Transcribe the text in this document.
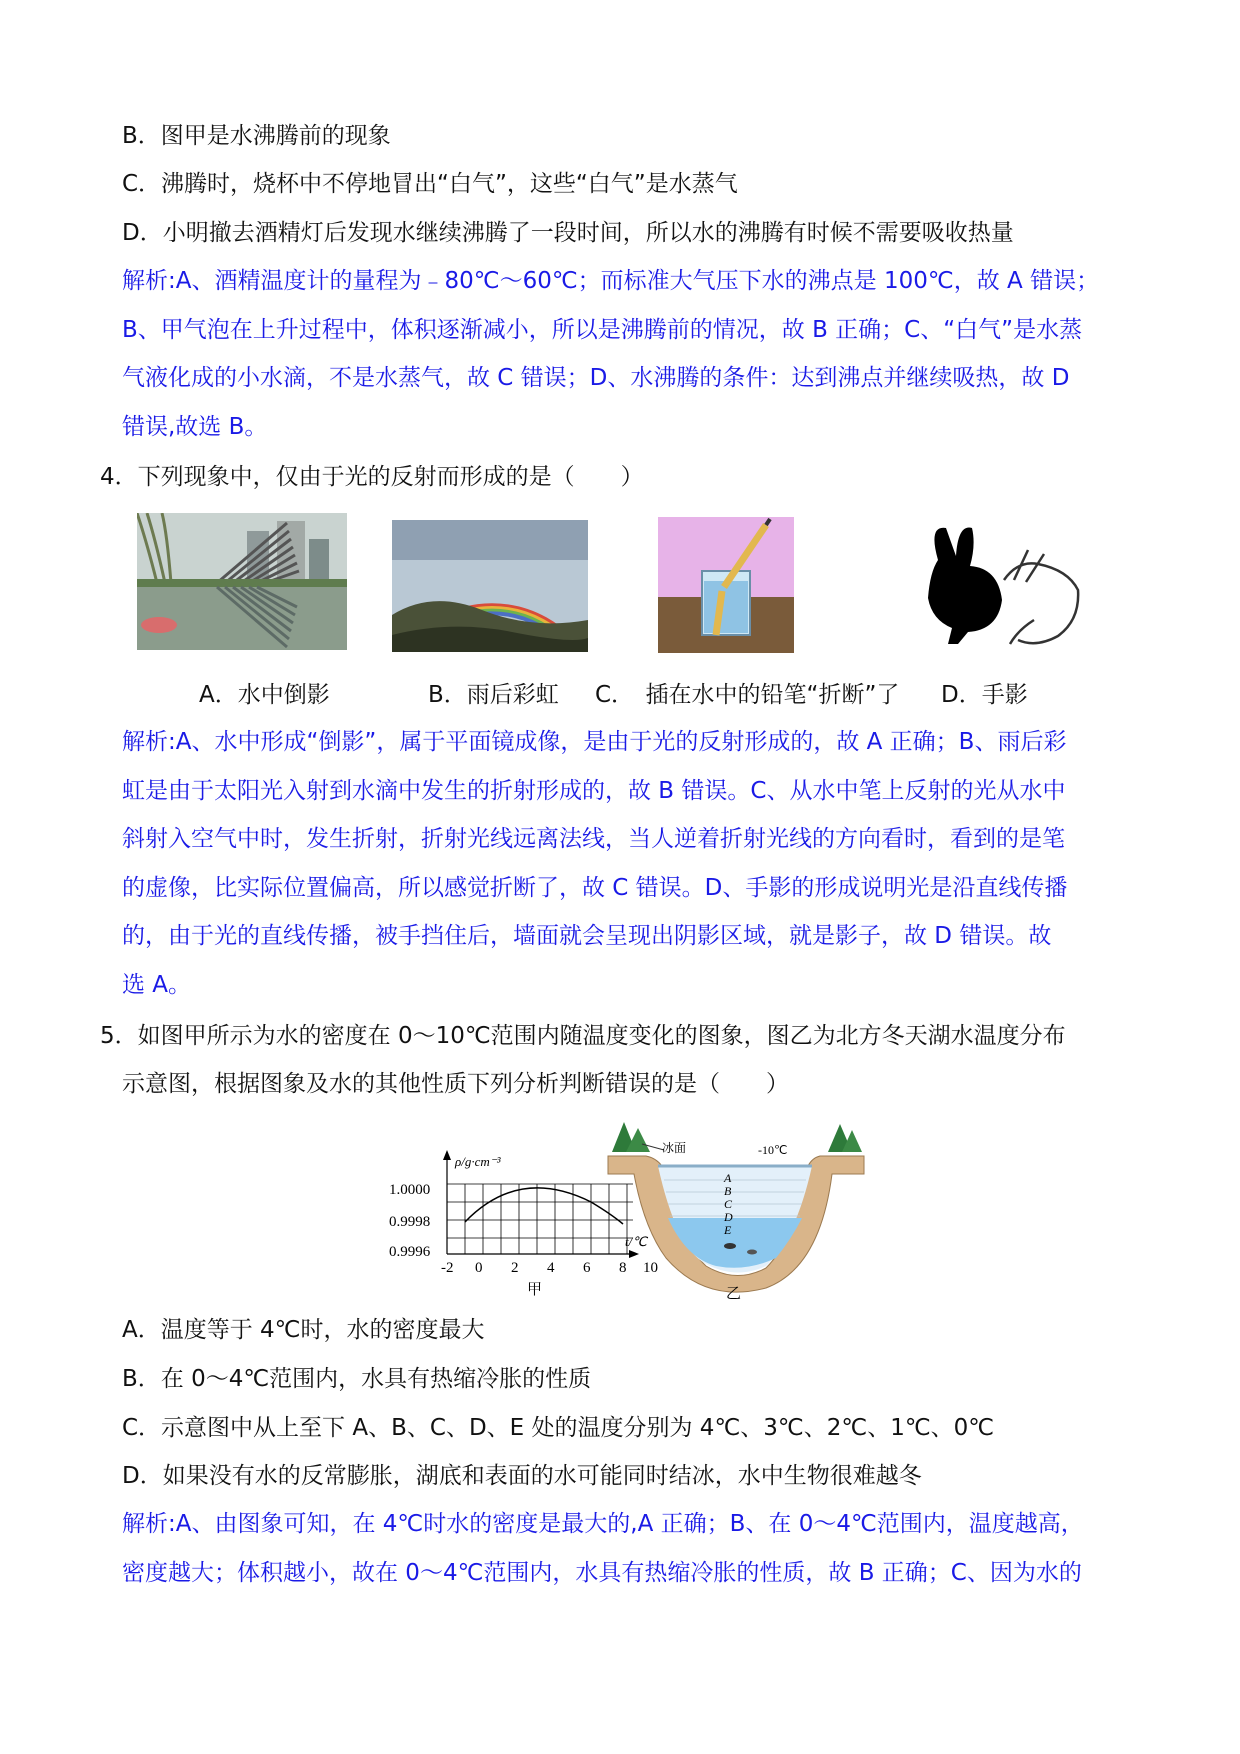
B．图甲是水沸腾前的现象
C．沸腾时，烧杯中不停地冒出“白气”，这些“白气”是水蒸气
D．小明撤去酒精灯后发现水继续沸腾了一段时间，所以水的沸腾有时候不需要吸收热量
解析:A、酒精温度计的量程为﹣80℃～60℃；而标准大气压下水的沸点是 100℃，故 A 错误；
B、甲气泡在上升过程中，体积逐渐减小，所以是沸腾前的情况，故 B 正确；C、“白气”是水蒸
气液化成的小水滴，不是水蒸气，故 C 错误；D、水沸腾的条件：达到沸点并继续吸热，故 D
错误,故选 B。
4．下列现象中，仅由于光的反射而形成的是（　　）
A．水中倒影	B．雨后彩虹 C．　插在水中的铅笔“折断”了 D．手影
解析:A、水中形成“倒影”，属于平面镜成像，是由于光的反射形成的，故 A 正确；B、雨后彩
虹是由于太阳光入射到水滴中发生的折射形成的，故 B 错误。C、从水中笔上反射的光从水中
斜射入空气中时，发生折射，折射光线远离法线，当人逆着折射光线的方向看时，看到的是笔
的虚像，比实际位置偏高，所以感觉折断了，故 C 错误。D、手影的形成说明光是沿直线传播
的，由于光的直线传播，被手挡住后，墙面就会呈现出阴影区域，就是影子，故 D 错误。故
选 A。
5．如图甲所示为水的密度在 0～10℃范围内随温度变化的图象，图乙为北方冬天湖水温度分布
示意图，根据图象及水的其他性质下列分析判断错误的是（　　）
ρ/g·cm⁻³
t/℃
1.0000
0.9998
0.9996
-2 0 2 4 6 8 10
甲
冰面	-10℃
A
B
C
D
E
乙
A．温度等于 4℃时，水的密度最大
B．在 0～4℃范围内，水具有热缩冷胀的性质
C．示意图中从上至下 A、B、C、D、E 处的温度分别为 4℃、3℃、2℃、1℃、0℃
D．如果没有水的反常膨胀，湖底和表面的水可能同时结冰，水中生物很难越冬
解析:A、由图象可知，在 4℃时水的密度是最大的,A 正确；B、在 0～4℃范围内，温度越高，
密度越大；体积越小，故在 0～4℃范围内，水具有热缩冷胀的性质，故 B 正确；C、因为水的
